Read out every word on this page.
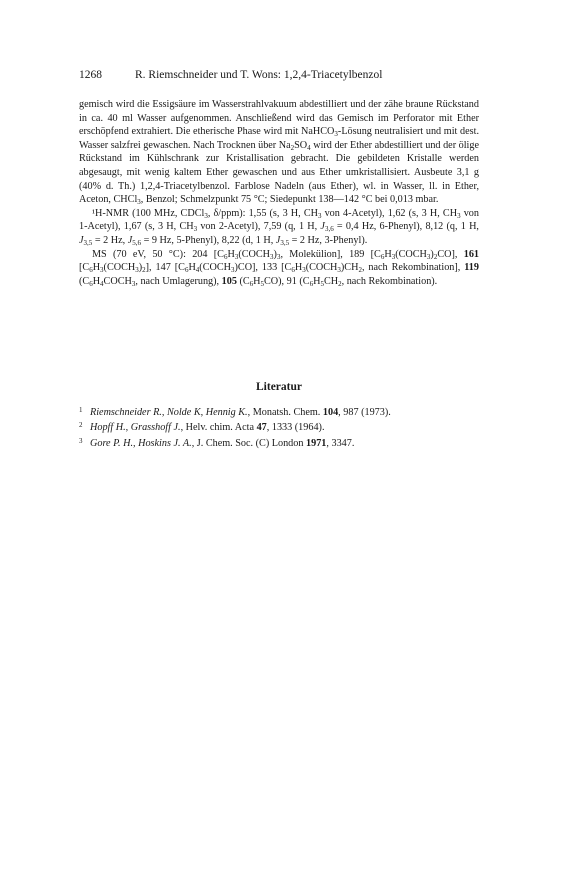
1268	R. Riemschneider und T. Wons: 1,2,4-Triacetylbenzol

gemisch wird die Essigsäure im Wasserstrahlvakuum abdestilliert und der zähe braune Rückstand in ca. 40 ml Wasser aufgenommen. Anschließend wird das Gemisch im Perforator mit Ether erschöpfend extrahiert. Die etherische Phase wird mit NaHCO$_3$-Lösung neutralisiert und mit dest. Wasser salzfrei gewaschen. Nach Trocknen über $Na_2SO_4$ wird der Ether abdestilliert und der ölige Rückstand im Kühlschrank zur Kristallisation gebracht. Die gebildeten Kristalle werden abgesaugt, mit wenig kaltem Ether gewaschen und aus Ether umkristallisiert. Ausbeute 3,1 g (40% d. Th.) 1,2,4-Triacetylbenzol. Farblose Nadeln (aus Ether), wl. in Wasser, ll. in Ether, Aceton, CHCl$_3$, Benzol; Schmelzpunkt 75 °C; Siedepunkt 138—142 °C bei 0,013 mbar.

¹H-NMR (100 MHz, CDCl$_3$, δ/ppm): 1,55 (s, 3 H, $CH_3$ von 4-Acetyl), 1,62 (s, 3 H, $CH_3$ von 1-Acetyl), 1,67 (s, 3 H, $CH_3$ von 2-Acetyl), 7,59 (q, 1 H, $J_{3,6} = 0,4$ Hz, 6-Phenyl), 8,12 (q, 1 H, $J_{3,5} = 2$ Hz, $J_{5,6} = 9$ Hz, 5-Phenyl), 8,22 (d, 1 H, $J_{3,5} = 2$ Hz, 3-Phenyl).

MS (70 eV, 50 °C): 204 [$C_6H_3(COCH_3)_3$, Molekülion], 189 $[C_6H_3(COCH_3)_2CO]$, 161 $[C_6H_3(COCH_3)_2]$, 147 $[C_6H_4(COCH_3)CO]$, 133 [$C_6H_3(COCH_3)CH_2$, nach Rekombination], 119 ($C_6H_4COCH_3$, nach Umlagerung), 105 $(C_6H_5CO)$, 91 ($C_6H_5CH_2$, nach Rekombination).

Literatur
$^1$ Riemschneider R., Nolde K, Hennig K., Monatsh. Chem. 104, 987 (1973).
$^2$ Hopff H., Grasshoff J., Helv. chim. Acta 47, 1333 (1964).
$^3$ Gore P. H., Hoskins J. A., J. Chem. Soc. (C) London 1971, 3347.
